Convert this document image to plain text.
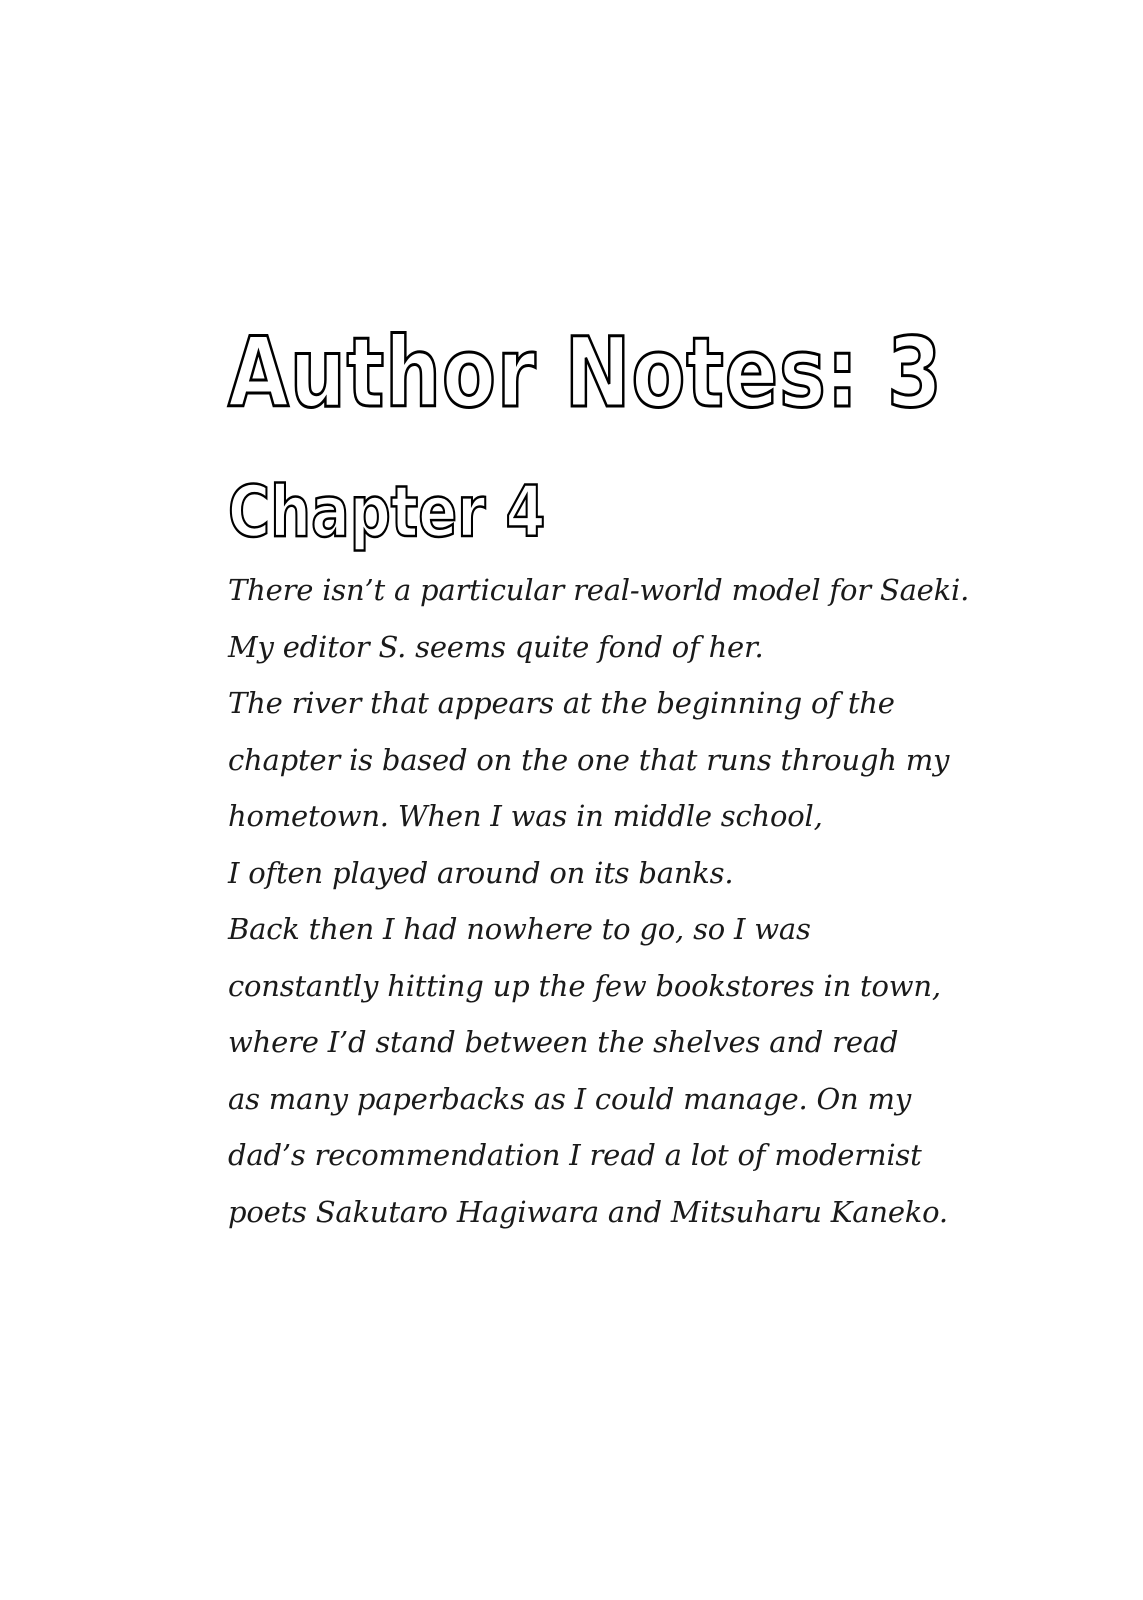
Author Notes: 3
Chapter 4
There isn’t a particular real-world model for Saeki.
My editor S. seems quite fond of her.
The river that appears at the beginning of the
chapter is based on the one that runs through my
hometown. When I was in middle school,
I often played around on its banks.
Back then I had nowhere to go, so I was
constantly hitting up the few bookstores in town,
where I’d stand between the shelves and read
as many paperbacks as I could manage. On my
dad’s recommendation I read a lot of modernist
poets Sakutaro Hagiwara and Mitsuharu Kaneko.
